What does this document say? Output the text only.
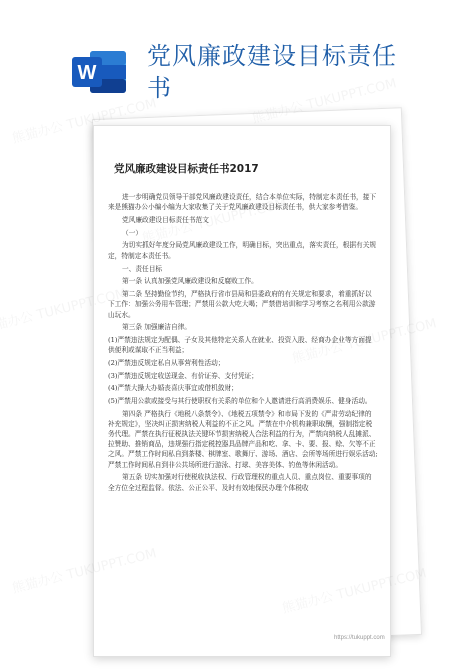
W
党风廉政建设目标责任
书
党风廉政建设目标责任书2017

进一步明确党员领导干部党风廉政建设责任，结合本单位实际，特制定本责任书，接下来是熊猫办公小编小编为大家收集了关于党风廉政建设目标责任书，供大家参考借鉴。

党风廉政建设目标责任书范文

（一）

为切实抓好年度分局党风廉政建设工作，明确目标，突出重点，落实责任，根据有关规定，特制定本责任书。

一、责任目标

第一条 认真加强党风廉政建设和反腐败工作。

第二条 坚持勤俭节约，严格执行省市县局和县委政府的有关规定和要求，着重抓好以下工作：加强公务用车管理；严禁用公款大吃大喝；严禁借培训和学习考察之名利用公款游山玩水。

第三条 加强廉洁自律。

(1)严禁违法规定为配偶、子女及其他特定关系人在就业、投资入股、经商办企业等方面提供便利或谋取不正当利益；

(2)严禁违反规定私自从事营利性活动；

(3)严禁违反规定收送现金、有价证券、支付凭证；

(4)严禁大操大办婚丧喜庆事宜或借机敛财；

(5)严禁用公款或接受与其行使职权有关系的单位和个人邀请进行高消费娱乐、健身活动。

第四条 严格执行《地税八条禁令》、《地税五项禁令》和市局下发的《严肃劳动纪律的补充规定》，坚决纠正损害纳税人利益的不正之风。严禁在中介机构兼职取酬，强制指定税务代理。严禁在执行征税执法关键环节损害纳税人合法利益的行为，严禁向纳税人乱摊派、拉赞助、推销商品，违规强行指定税控器具品牌产品和吃、拿、卡、要、报、赊、欠等不正之风。严禁工作时间私自到茶楼、棋牌室、歌舞厅、游场、酒店、会所等场所进行娱乐活动;严禁工作时间私自到非公共场所进行游泳、打球、美容美体、钓鱼等休闲活动。

第五条 切实加强对行使税收执法权、行政管理权的重点人员、重点岗位、重要事项的全方位全过程监督。依法、公正公平、及时有效地保民办理个体税收

https://tukuppt.com
